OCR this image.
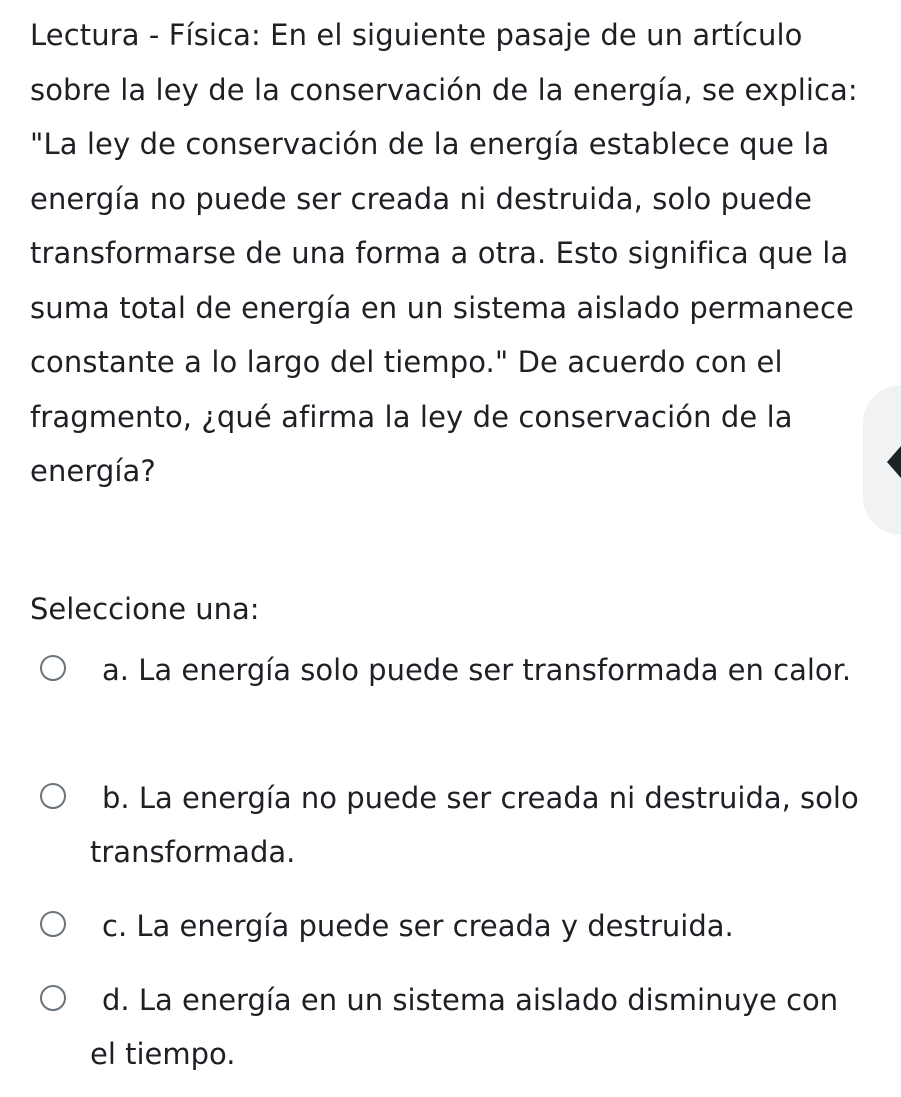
Lectura - Física: En el siguiente pasaje de un artículo sobre la ley de la conservación de la energía, se explica: "La ley de conservación de la energía establece que la energía no puede ser creada ni destruida, solo puede transformarse de una forma a otra. Esto significa que la suma total de energía en un sistema aislado permanece constante a lo largo del tiempo." De acuerdo con el fragmento, ¿qué afirma la ley de conservación de la energía?

Seleccione una:

a. La energía solo puede ser transformada en calor.
b. La energía no puede ser creada ni destruida, solo transformada.
c. La energía puede ser creada y destruida.
d. La energía en un sistema aislado disminuye con el tiempo.
